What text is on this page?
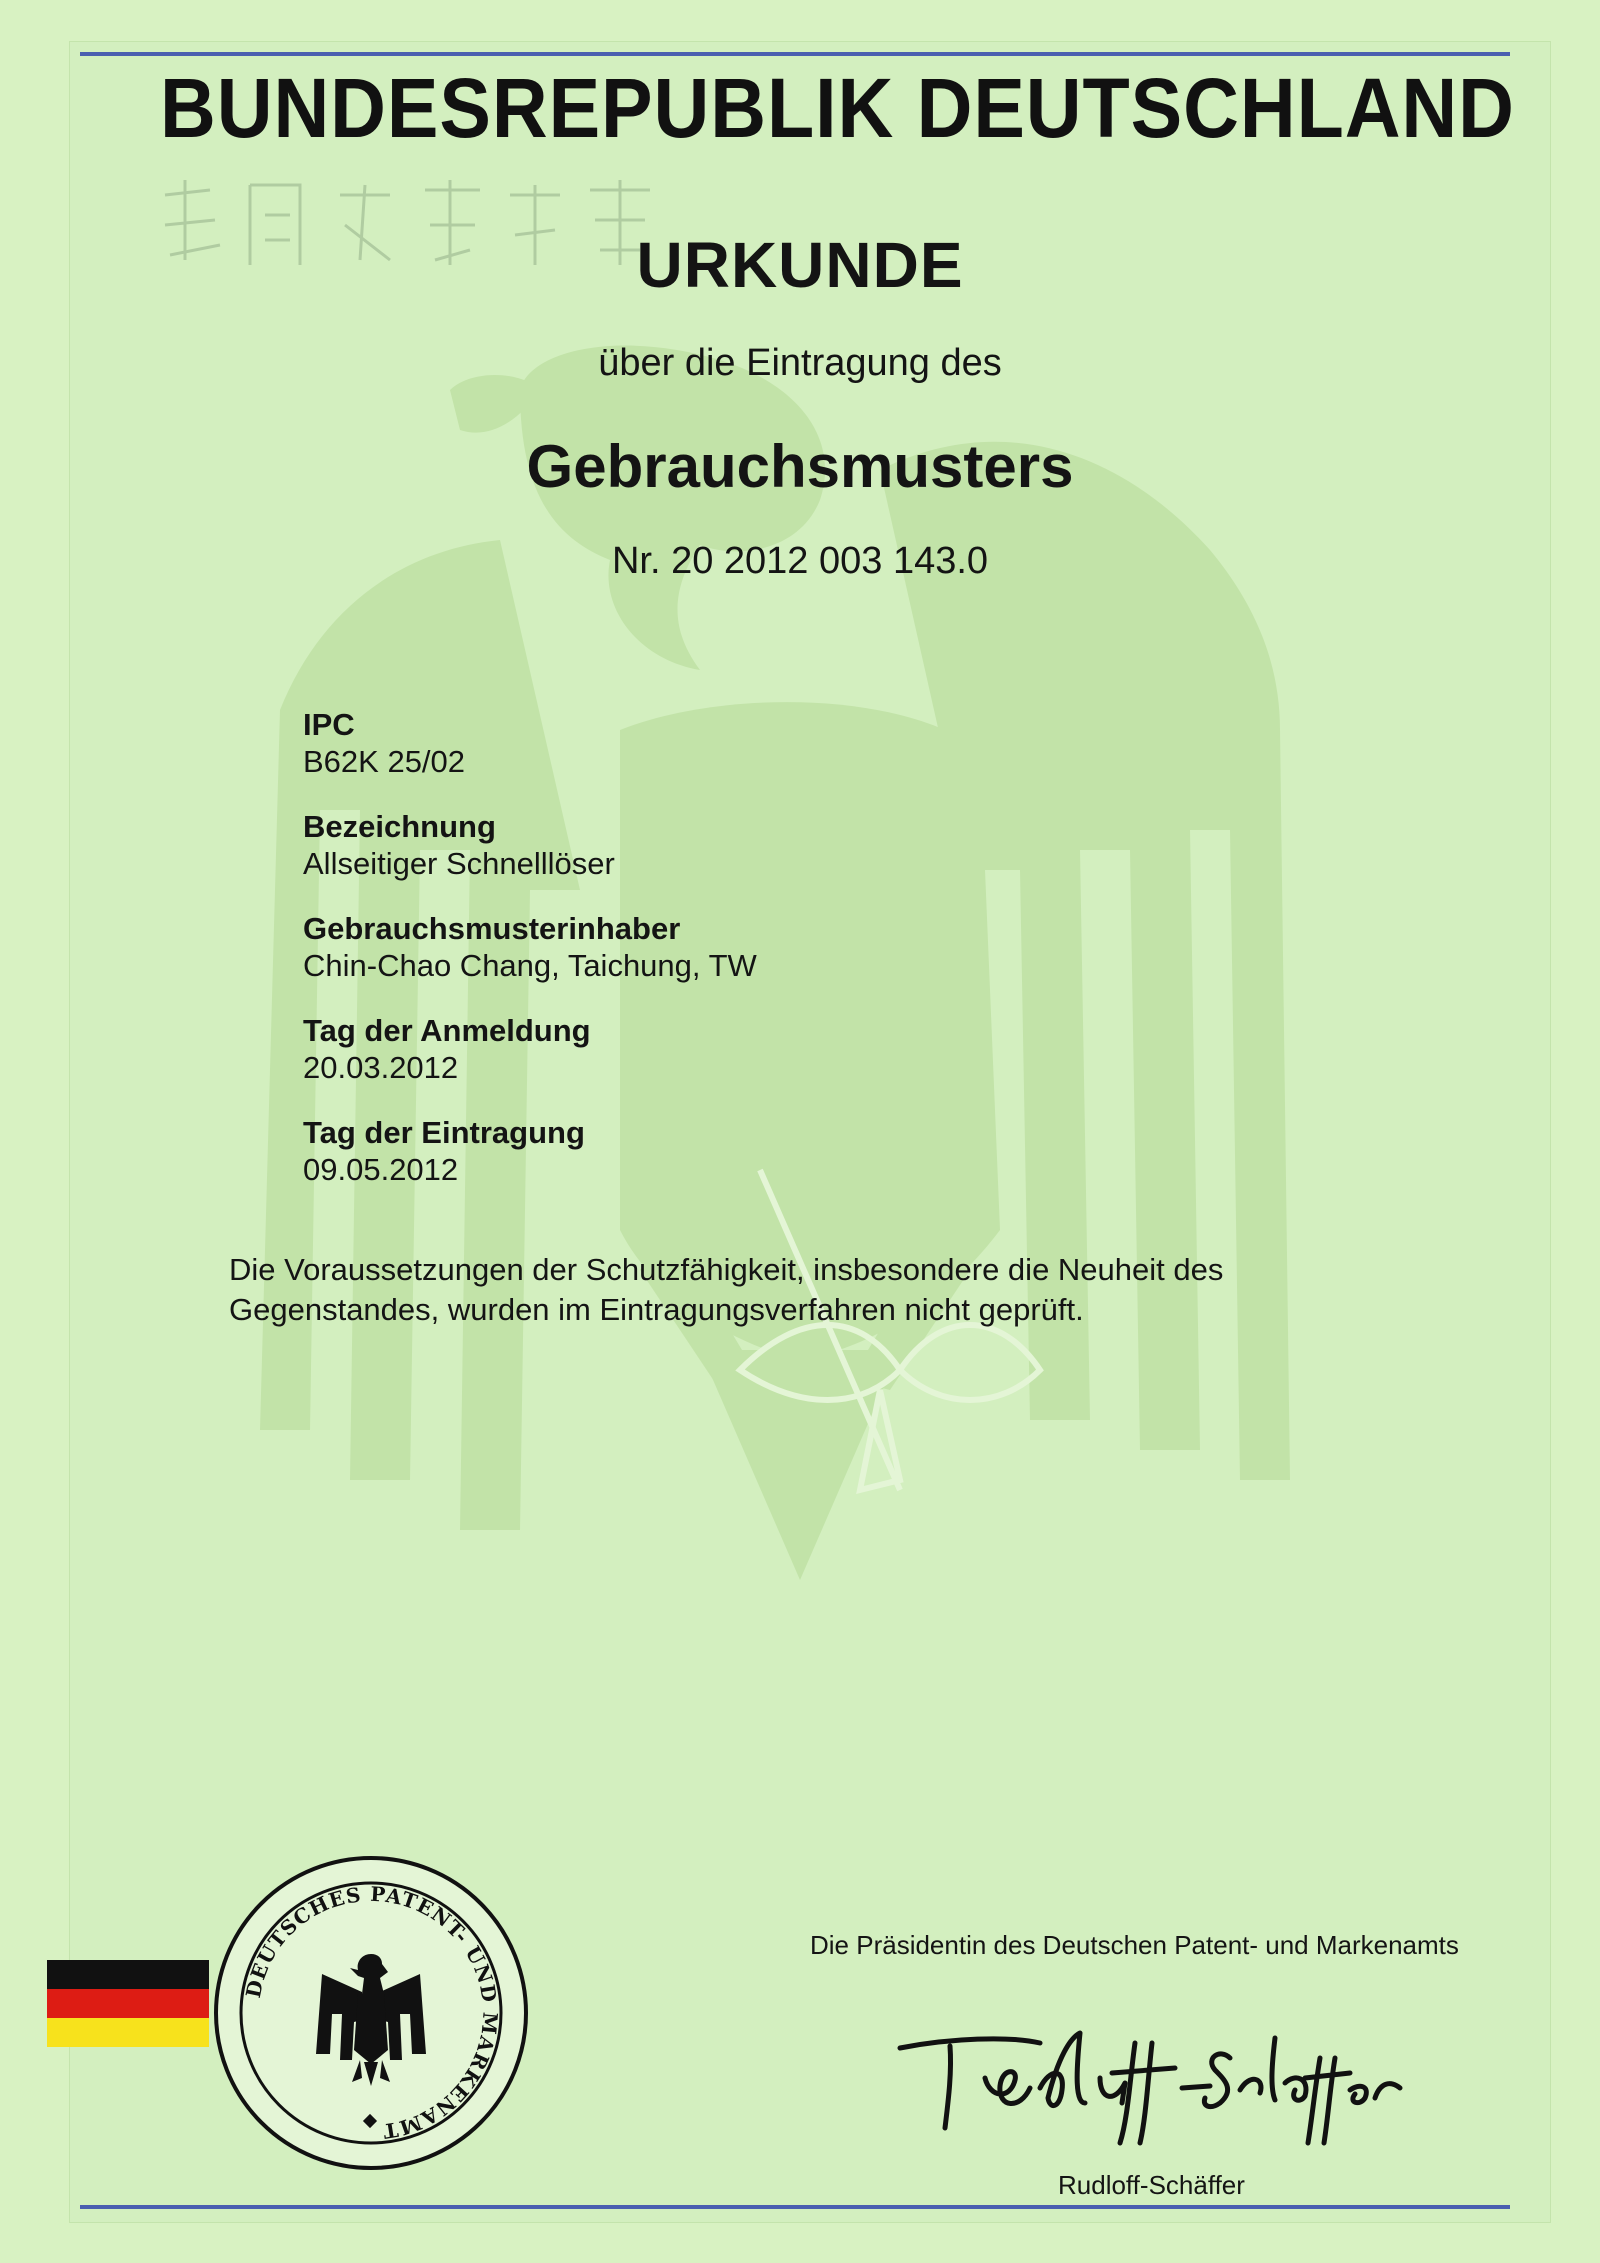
BUNDESREPUBLIK DEUTSCHLAND
URKUNDE
über die Eintragung des
Gebrauchsmusters
Nr. 20 2012 003 143.0
IPC
B62K 25/02
Bezeichnung
Allseitiger Schnelllöser
Gebrauchsmusterinhaber
Chin-Chao Chang, Taichung, TW
Tag der Anmeldung
20.03.2012
Tag der Eintragung
09.05.2012
Die Voraussetzungen der Schutzfähigkeit, insbesondere die Neuheit des
Gegenstandes, wurden im Eintragungsverfahren nicht geprüft.
DEUTSCHES PATENT- UND MARKENAMT
Die Präsidentin des Deutschen Patent- und Markenamts
Rudloff-Schäffer
